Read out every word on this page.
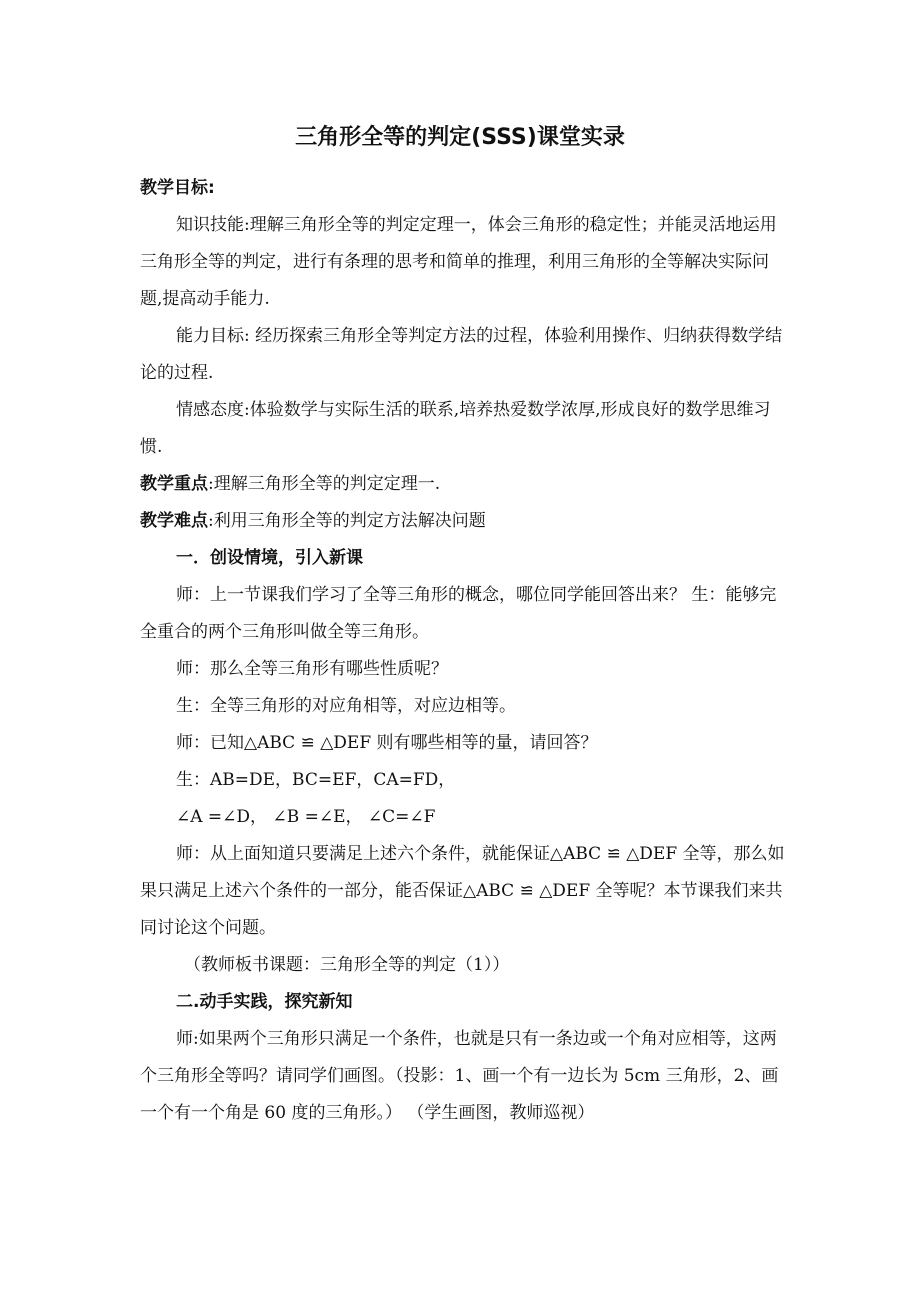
三角形全等的判定(SSS)课堂实录

教学目标:

知识技能:理解三角形全等的判定定理一，体会三角形的稳定性；并能灵活地运用三角形全等的判定，进行有条理的思考和简单的推理，利用三角形的全等解决实际问题,提高动手能力.

能力目标: 经历探索三角形全等判定方法的过程，体验利用操作、归纳获得数学结论的过程.

情感态度:体验数学与实际生活的联系,培养热爱数学浓厚,形成良好的数学思维习惯.

教学重点:理解三角形全等的判定定理一.

教学难点:利用三角形全等的判定方法解决问题

一．创设情境，引入新课

师：上一节课我们学习了全等三角形的概念，哪位同学能回答出来？ 生：能够完全重合的两个三角形叫做全等三角形。

师：那么全等三角形有哪些性质呢？

生：全等三角形的对应角相等，对应边相等。

师：已知△ABC ≌ △DEF 则有哪些相等的量，请回答？

生：AB=DE，BC=EF，CA=FD，

∠A =∠D， ∠B =∠E， ∠C=∠F

师：从上面知道只要满足上述六个条件，就能保证△ABC ≌ △DEF 全等，那么如果只满足上述六个条件的一部分，能否保证△ABC ≌ △DEF 全等呢？本节课我们来共同讨论这个问题。

（教师板书课题：三角形全等的判定（1））

二.动手实践，探究新知

师:如果两个三角形只满足一个条件，也就是只有一条边或一个角对应相等，这两个三角形全等吗？请同学们画图。（投影：1、画一个有一边长为 5cm 三角形，2、画一个有一个角是 60 度的三角形。） （学生画图，教师巡视）
